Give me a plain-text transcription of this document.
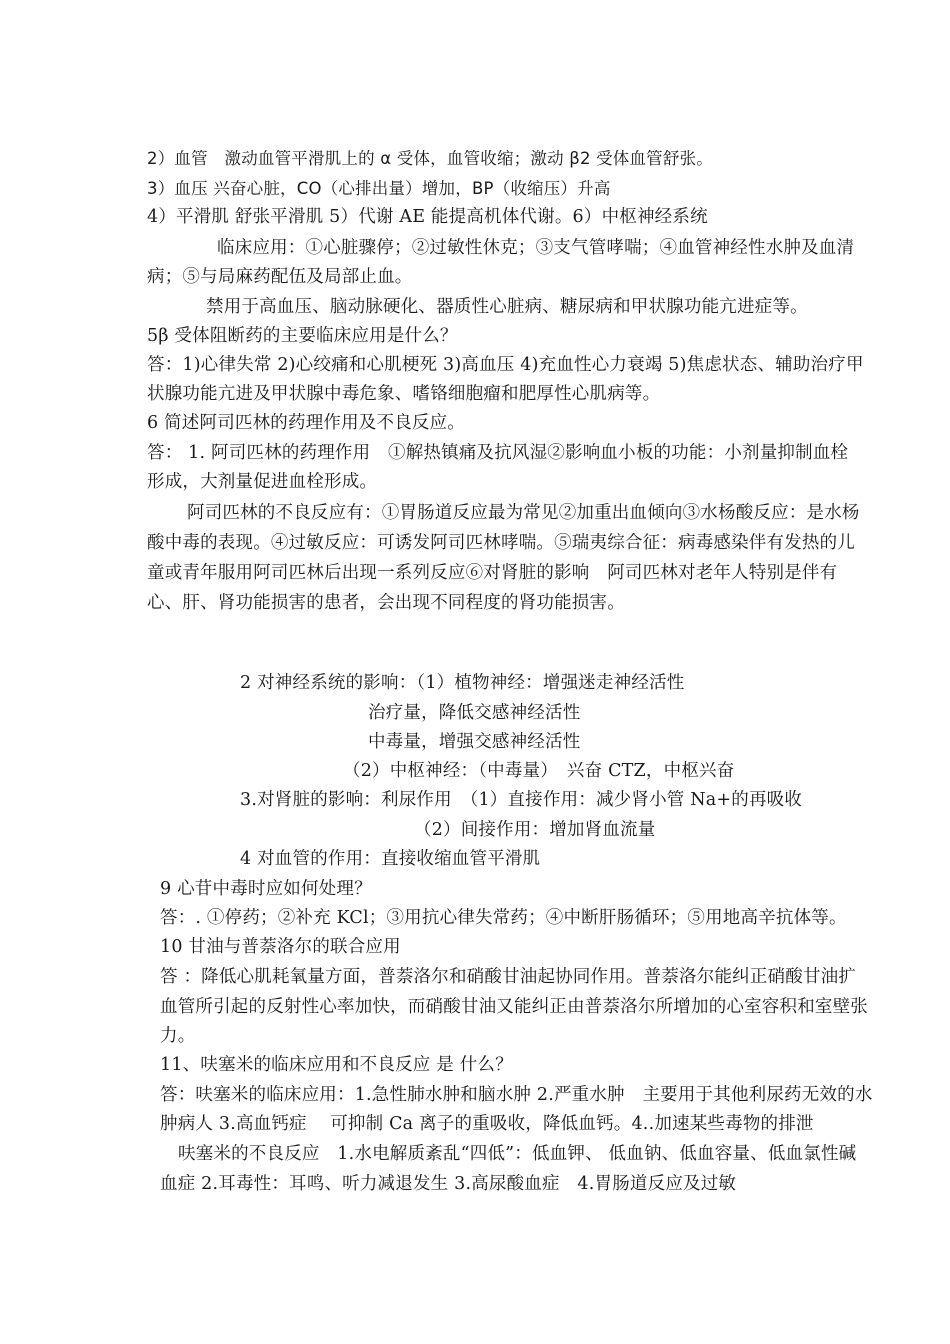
2）血管　激动血管平滑肌上的 α 受体，血管收缩；激动 β2 受体血管舒张。
3）血压 兴奋心脏，CO（心排出量）增加，BP（收缩压）升高
4）平滑肌 舒张平滑肌 5）代谢 AE 能提高机体代谢。6）中枢神经系统
临床应用：①心脏骤停；②过敏性休克；③支气管哮喘；④血管神经性水肿及血清
病；⑤与局麻药配伍及局部止血。
禁用于高血压、脑动脉硬化、器质性心脏病、糖尿病和甲状腺功能亢进症等。
5β 受体阻断药的主要临床应用是什么？
答：1)心律失常 2)心绞痛和心肌梗死 3)高血压 4)充血性心力衰竭 5)焦虑状态、辅助治疗甲
状腺功能亢进及甲状腺中毒危象、嗜铬细胞瘤和肥厚性心肌病等。
6 简述阿司匹林的药理作用及不良反应。
答： 1. 阿司匹林的药理作用　①解热镇痛及抗风湿②影响血小板的功能：小剂量抑制血栓
形成，大剂量促进血栓形成。
阿司匹林的不良反应有：①胃肠道反应最为常见②加重出血倾向③水杨酸反应：是水杨
酸中毒的表现。④过敏反应：可诱发阿司匹林哮喘。⑤瑞夷综合征：病毒感染伴有发热的儿
童或青年服用阿司匹林后出现一系列反应⑥对肾脏的影响　阿司匹林对老年人特别是伴有
心、肝、肾功能损害的患者，会出现不同程度的肾功能损害。
2 对神经系统的影响：（1）植物神经：增强迷走神经活性
治疗量，降低交感神经活性
中毒量，增强交感神经活性
（2）中枢神经：（中毒量）　兴奋 CTZ，中枢兴奋
3.对肾脏的影响：利尿作用　（1）直接作用：减少肾小管 Na+的再吸收
（2）间接作用：增加肾血流量
4 对血管的作用：直接收缩血管平滑肌
9 心苷中毒时应如何处理？
答：. ①停药；②补充 KCl；③用抗心律失常药；④中断肝肠循环；⑤用地高辛抗体等。
10 甘油与普萘洛尔的联合应用
答 ：降低心肌耗氧量方面，普萘洛尔和硝酸甘油起协同作用。普萘洛尔能纠正硝酸甘油扩
血管所引起的反射性心率加快，而硝酸甘油又能纠正由普萘洛尔所增加的心室容积和室壁张
力。
11、呋塞米的临床应用和不良反应 是 什么？
答：呋塞米的临床应用：1.急性肺水肿和脑水肿 2.严重水肿　主要用于其他利尿药无效的水
肿病人 3.高血钙症　 可抑制 Ca 离子的重吸收，降低血钙。4..加速某些毒物的排泄
呋塞米的不良反应　1.水电解质紊乱“四低”：低血钾、 低血钠、低血容量、低血氯性碱
血症 2.耳毒性：耳鸣、听力减退发生 3.高尿酸血症　4.胃肠道反应及过敏
